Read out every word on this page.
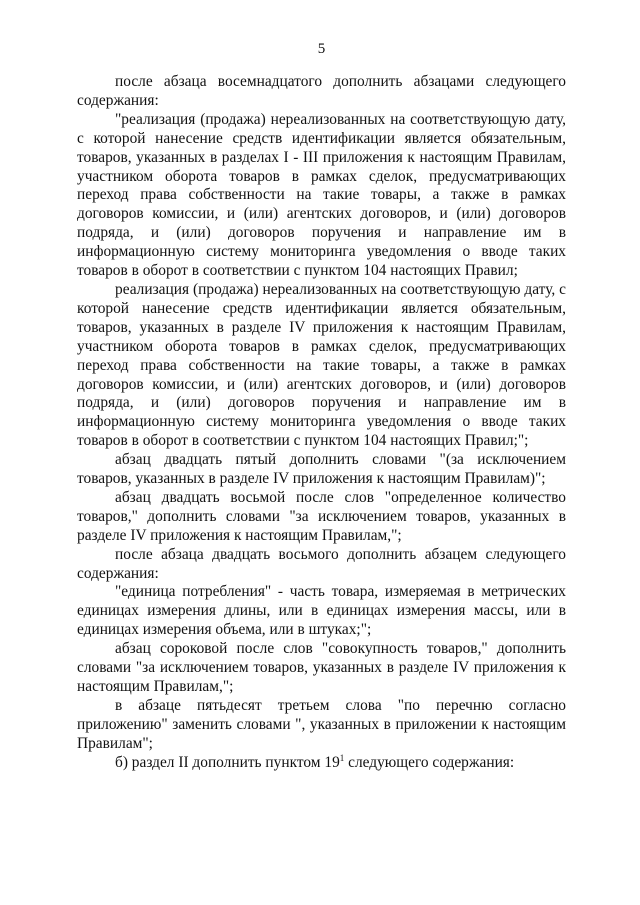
5

после абзаца восемнадцатого дополнить абзацами следующего содержания:

"реализация (продажа) нереализованных на соответствующую дату, с которой нанесение средств идентификации является обязательным, товаров, указанных в разделах I - III приложения к настоящим Правилам, участником оборота товаров в рамках сделок, предусматривающих переход права собственности на такие товары, а также в рамках договоров комиссии, и (или) агентских договоров, и (или) договоров подряда, и (или) договоров поручения и направление им в информационную систему мониторинга уведомления о вводе таких товаров в оборот в соответствии с пунктом 104 настоящих Правил;

реализация (продажа) нереализованных на соответствующую дату, с которой нанесение средств идентификации является обязательным, товаров, указанных в разделе IV приложения к настоящим Правилам, участником оборота товаров в рамках сделок, предусматривающих переход права собственности на такие товары, а также в рамках договоров комиссии, и (или) агентских договоров, и (или) договоров подряда, и (или) договоров поручения и направление им в информационную систему мониторинга уведомления о вводе таких товаров в оборот в соответствии с пунктом 104 настоящих Правил;";

абзац двадцать пятый дополнить словами "(за исключением товаров, указанных в разделе IV приложения к настоящим Правилам)";

абзац двадцать восьмой после слов "определенное количество товаров," дополнить словами "за исключением товаров, указанных в разделе IV приложения к настоящим Правилам,";

после абзаца двадцать восьмого дополнить абзацем следующего содержания:

"единица потребления" - часть товара, измеряемая в метрических единицах измерения длины, или в единицах измерения массы, или в единицах измерения объема, или в штуках;";

абзац сороковой после слов "совокупность товаров," дополнить словами "за исключением товаров, указанных в разделе IV приложения к настоящим Правилам,";

в абзаце пятьдесят третьем слова "по перечню согласно приложению" заменить словами ", указанных в приложении к настоящим Правилам";

б) раздел II дополнить пунктом $19^1$ следующего содержания:
